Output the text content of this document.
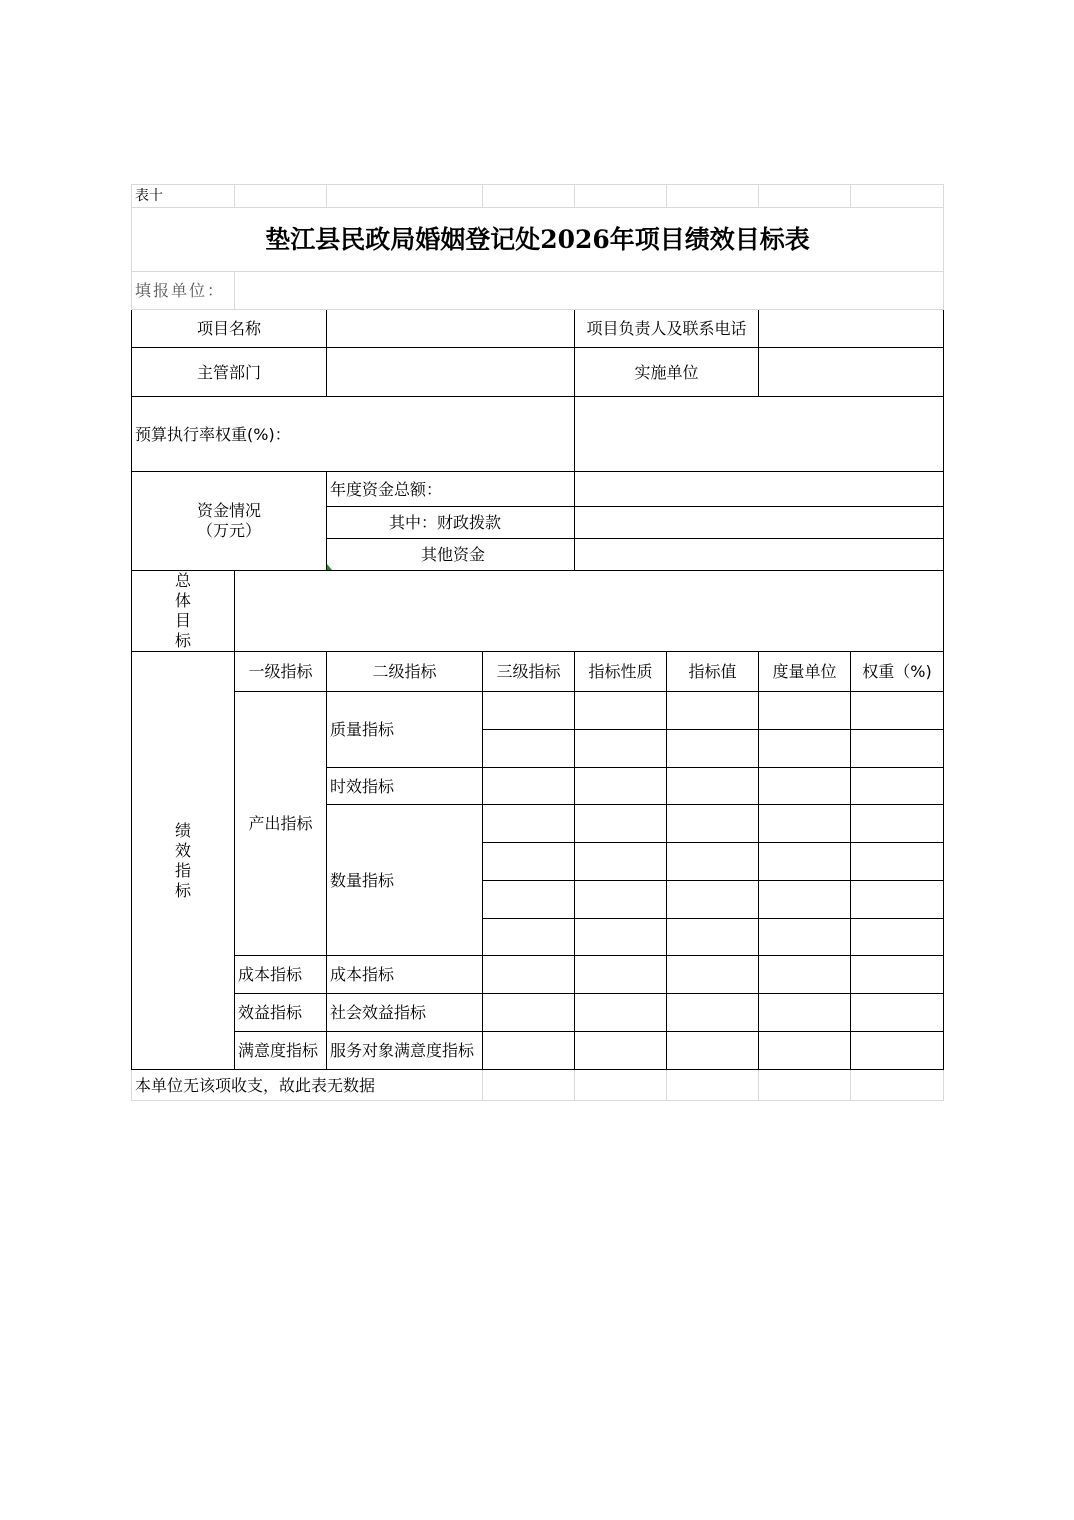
表十							
垫江县民政局婚姻登记处2026年项目绩效目标表							
填报单位：							
项目名称				项目负责人及联系电话			
主管部门				实施单位			
预算执行率权重(%)：							
资金情况（万元）		年度资金总额：					
		其中：财政拨款					
		其他资金					
总体目标							
绩效指标	一级指标	二级指标	三级指标	指标性质	指标值	度量单位	权重（%)
	产出指标	质量指标					

		时效指标					
		数量指标					

	成本指标	成本指标					
	效益指标	社会效益指标					
	满意度指标	服务对象满意度指标					
本单位无该项收支，故此表无数据							
